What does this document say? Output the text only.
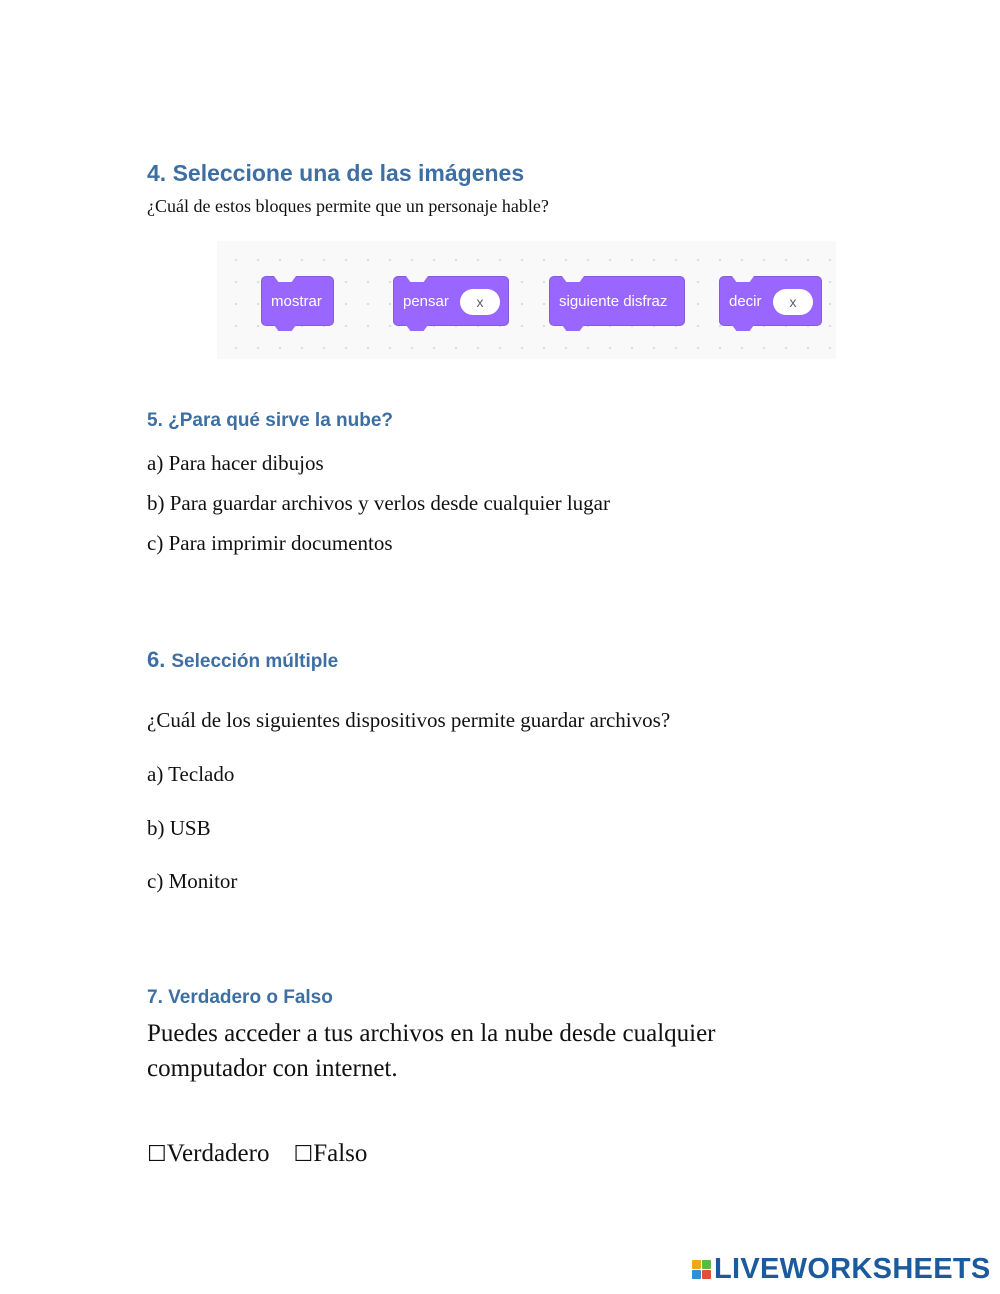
4. Seleccione una de las imágenes

¿Cuál de estos bloques permite que un personaje hable?

mostrar	pensar	x	siguiente disfraz	decir	x
5. ¿Para qué sirve la nube?

a) Para hacer dibujos

b) Para guardar archivos y verlos desde cualquier lugar

c) Para imprimir documentos

6. Selección múltiple

¿Cuál de los siguientes dispositivos permite guardar archivos?

a) Teclado

b) USB

c) Monitor

7. Verdadero o Falso

Puedes acceder a tus archivos en la nube desde cualquier

computador con internet.

☐Verdadero ☐Falso

LIVEWORKSHEETS
